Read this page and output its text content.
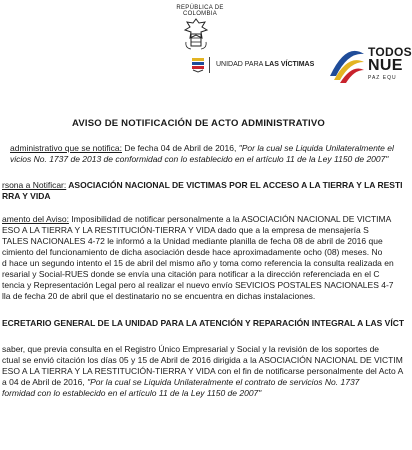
REPÚBLICA DE COLOMBIA
UNIDAD PARA LAS VÍCTIMAS
TODOS
NUE
PAZ EQU
AVISO DE NOTIFICACIÓN DE ACTO ADMINISTRATIVO
administrativo que se notifica: De fecha 04 de Abril de 2016, "Por la cual se Liquida Unilateralmente el
vicios No. 1737 de 2013 de conformidad con lo establecido en el artículo 11 de la Ley 1150 de 2007"
rsona a Notificar: ASOCIACIÓN NACIONAL DE VICTIMAS POR EL ACCESO A LA TIERRA Y LA RESTI
RRA Y VIDA
amento del Aviso: Imposibilidad de notificar personalmente a la ASOCIACIÓN NACIONAL DE VICTIMA
ESO A LA TIERRA Y LA RESTITUCIÓN-TIERRA Y VIDA dado que a la empresa de mensajería S
TALES NACIONALES 4-72 le informó a la Unidad mediante planilla de fecha 08 de abril de 2016 que
cimiento del funcionamiento de dicha asociación desde hace aproximadamente ocho (08) meses. No
d hace un segundo intento el 15 de abril del mismo año y toma como referencia la consulta realizada en
resarial y Social-RUES donde se envía una citación para notificar a la dirección referenciada en el C
tencia y Representación Legal pero al realizar el nuevo envío SEVICIOS POSTALES NACIONALES 4-7
lla de fecha 20 de abril que el destinatario no se encuentra en dichas instalaciones.
ECRETARIO GENERAL DE LA UNIDAD PARA LA ATENCIÓN Y REPARACIÓN INTEGRAL A LAS VÍCT
saber, que previa consulta en el Registro Único Empresarial y Social y la revisión de los soportes de
ctual se envió citación los días 05 y 15 de Abril de 2016 dirigida a la ASOCIACIÓN NACIONAL DE VICTIM
ESO A LA TIERRA Y LA RESTITUCIÓN-TIERRA Y VIDA con el fin de notificarse personalmente del Acto A
a 04 de Abril de 2016, "Por la cual se Liquida Unilateralmente el contrato de servicios No. 1737
formidad con lo establecido en el artículo 11 de la Ley 1150 de 2007"
